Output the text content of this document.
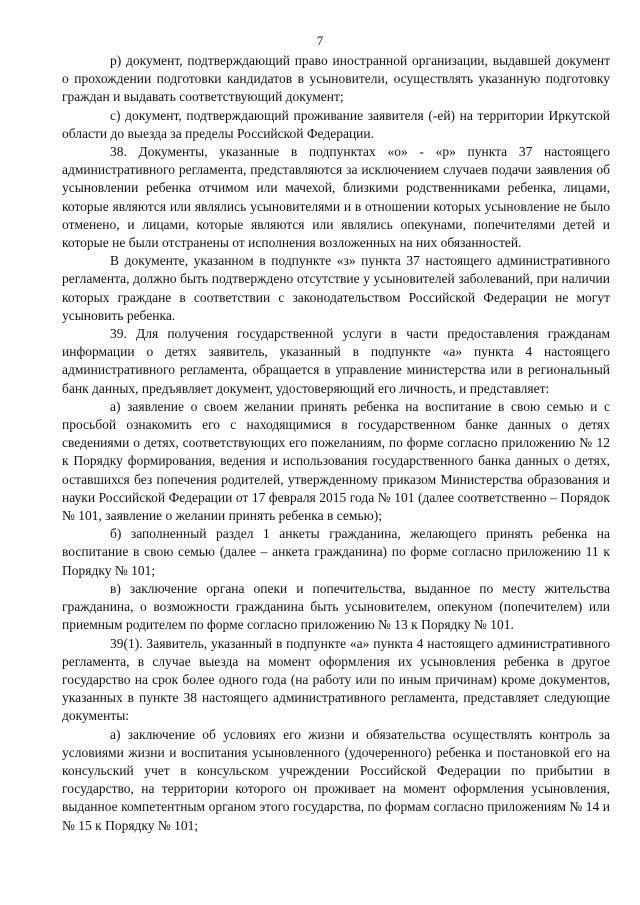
7

р) документ, подтверждающий право иностранной организации, выдавшей документ о прохождении подготовки кандидатов в усыновители, осуществлять указанную подготовку граждан и выдавать соответствующий документ;

с) документ, подтверждающий проживание заявителя (-ей) на территории Иркутской области до выезда за пределы Российской Федерации.

38. Документы, указанные в подпунктах «о» - «р» пункта 37 настоящего административного регламента, представляются за исключением случаев подачи заявления об усыновлении ребенка отчимом или мачехой, близкими родственниками ребенка, лицами, которые являются или являлись усыновителями и в отношении которых усыновление не было отменено, и лицами, которые являются или являлись опекунами, попечителями детей и которые не были отстранены от исполнения возложенных на них обязанностей.

В документе, указанном в подпункте «з» пункта 37 настоящего административного регламента, должно быть подтверждено отсутствие у усыновителей заболеваний, при наличии которых граждане в соответствии с законодательством Российской Федерации не могут усыновить ребенка.

39. Для получения государственной услуги в части предоставления гражданам информации о детях заявитель, указанный в подпункте «а» пункта 4 настоящего административного регламента, обращается в управление министерства или в региональный банк данных, предъявляет документ, удостоверяющий его личность, и представляет:

а) заявление о своем желании принять ребенка на воспитание в свою семью и с просьбой ознакомить его с находящимися в государственном банке данных о детях сведениями о детях, соответствующих его пожеланиям, по форме согласно приложению № 12 к Порядку формирования, ведения и использования государственного банка данных о детях, оставшихся без попечения родителей, утвержденному приказом Министерства образования и науки Российской Федерации от 17 февраля 2015 года № 101 (далее соответственно – Порядок № 101, заявление о желании принять ребенка в семью);

б) заполненный раздел 1 анкеты гражданина, желающего принять ребенка на воспитание в свою семью (далее – анкета гражданина) по форме согласно приложению 11 к Порядку № 101;

в) заключение органа опеки и попечительства, выданное по месту жительства гражданина, о возможности гражданина быть усыновителем, опекуном (попечителем) или приемным родителем по форме согласно приложению № 13 к Порядку № 101.

39(1). Заявитель, указанный в подпункте «а» пункта 4 настоящего административного регламента, в случае выезда на момент оформления их усыновления ребенка в другое государство на срок более одного года (на работу или по иным причинам) кроме документов, указанных в пункте 38 настоящего административного регламента, представляет следующие документы:

а) заключение об условиях его жизни и обязательства осуществлять контроль за условиями жизни и воспитания усыновленного (удочеренного) ребенка и постановкой его на консульский учет в консульском учреждении Российской Федерации по прибытии в государство, на территории которого он проживает на момент оформления усыновления, выданное компетентным органом этого государства, по формам согласно приложениям № 14 и № 15 к Порядку № 101;
